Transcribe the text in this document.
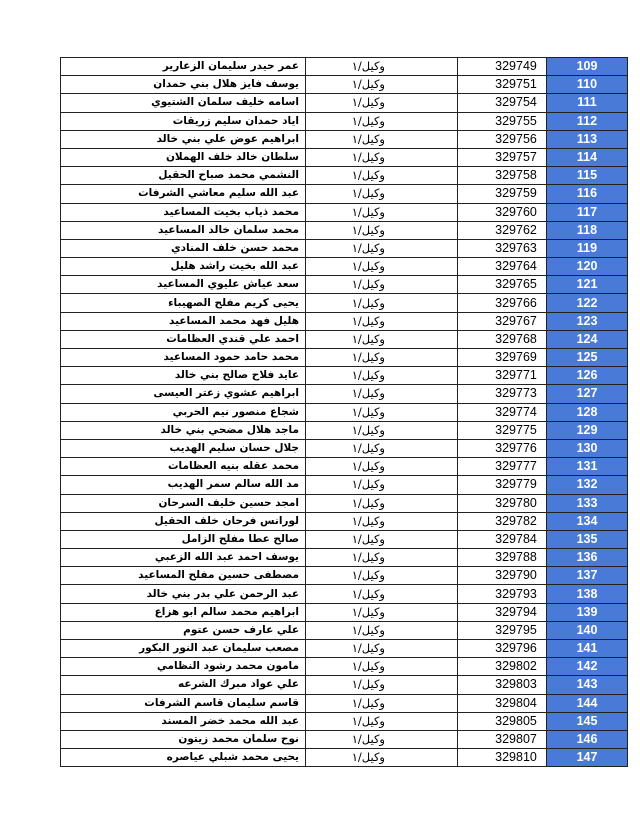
عمر حيدر سليمان الزعارير	وكيل/١	329749	109
يوسف فايز هلال بني حمدان	وكيل/١	329751	110
اسامه خليف سلمان الشتيوي	وكيل/١	329754	111
اياد حمدان سليم زريقات	وكيل/١	329755	112
ابراهيم عوض علي بني خالد	وكيل/١	329756	113
سلطان خالد خلف الهملان	وكيل/١	329757	114
النشمي محمد صباح الحقيل	وكيل/١	329758	115
عبد الله سليم معاشي الشرفات	وكيل/١	329759	116
محمد ذياب بخيت المساعيد	وكيل/١	329760	117
محمد سلمان خالد المساعيد	وكيل/١	329762	118
محمد حسن خلف المنادي	وكيل/١	329763	119
عبد الله بخيت راشد هليل	وكيل/١	329764	120
سعد عياش عليوي المساعيد	وكيل/١	329765	121
يحيى كريم مفلح الصهيباء	وكيل/١	329766	122
هليل فهد محمد المساعيد	وكيل/١	329767	123
احمد علي قندي العظامات	وكيل/١	329768	124
محمد حامد حمود المساعيد	وكيل/١	329769	125
عايد فلاح صالح بني خالد	وكيل/١	329771	126
ابراهيم عشوي زعتر العيسى	وكيل/١	329773	127
شجاع منصور نيم الحربي	وكيل/١	329774	128
ماجد هلال مضحي بني خالد	وكيل/١	329775	129
جلال حسان سليم الهديب	وكيل/١	329776	130
محمد عقله بنيه العظامات	وكيل/١	329777	131
مد الله سالم سمر الهديب	وكيل/١	329779	132
امجد حسين خليف السرحان	وكيل/١	329780	133
لورانس فرحان خلف الحقيل	وكيل/١	329782	134
صالح عطا مفلح الزامل	وكيل/١	329784	135
يوسف احمد عبد الله الزعبي	وكيل/١	329788	136
مصطفى حسين مفلح المساعيد	وكيل/١	329790	137
عبد الرحمن علي بدر بني خالد	وكيل/١	329793	138
ابراهيم محمد سالم ابو هزاع	وكيل/١	329794	139
علي عارف حسن عتوم	وكيل/١	329795	140
مصعب سليمان عبد النور البكور	وكيل/١	329796	141
مامون محمد رشود النظامي	وكيل/١	329802	142
علي عواد مبرك الشرعه	وكيل/١	329803	143
قاسم سليمان قاسم الشرفات	وكيل/١	329804	144
عبد الله محمد خضر المسند	وكيل/١	329805	145
نوح سلمان محمد زيتون	وكيل/١	329807	146
يحيى محمد شبلي عياصره	وكيل/١	329810	147
